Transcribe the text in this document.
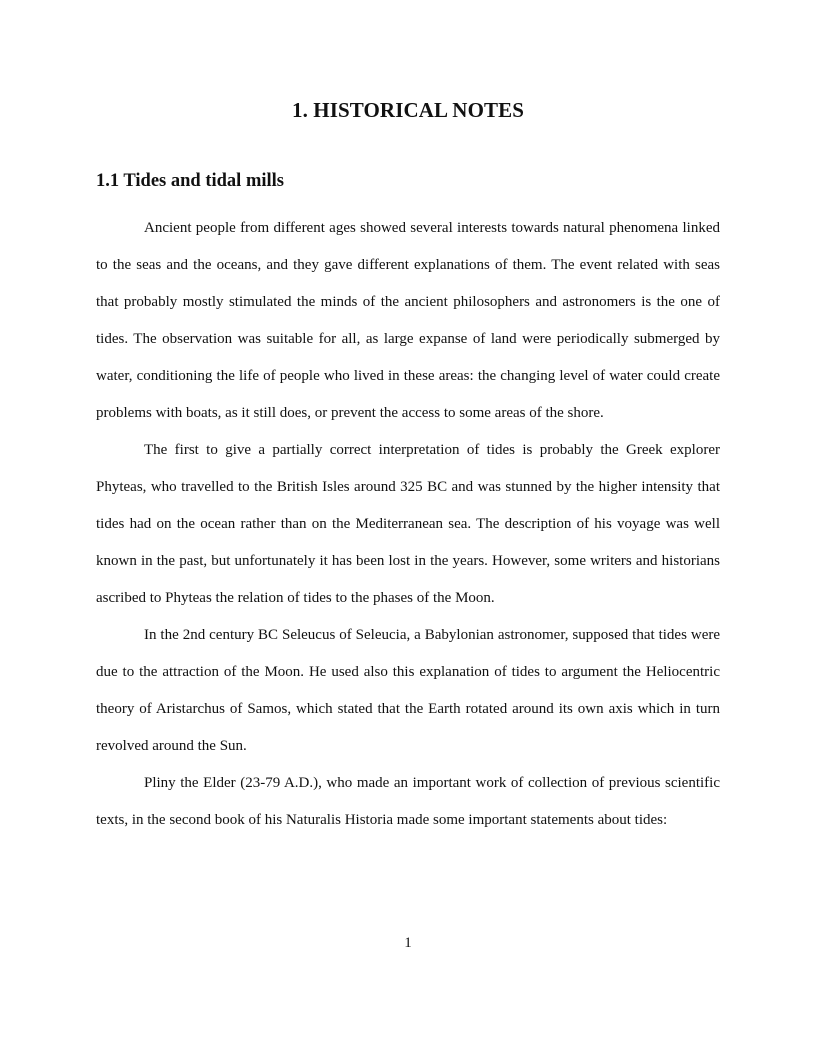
1. HISTORICAL NOTES
1.1 Tides and tidal mills

Ancient people from different ages showed several interests towards natural phenomena linked to the seas and the oceans, and they gave different explanations of them. The event related with seas that probably mostly stimulated the minds of the ancient philosophers and astronomers is the one of tides. The observation was suitable for all, as large expanse of land were periodically submerged by water, conditioning the life of people who lived in these areas: the changing level of water could create problems with boats, as it still does, or prevent the access to some areas of the shore.

The first to give a partially correct interpretation of tides is probably the Greek explorer Phyteas, who travelled to the British Isles around 325 BC and was stunned by the higher intensity that tides had on the ocean rather than on the Mediterranean sea. The description of his voyage was well known in the past, but unfortunately it has been lost in the years. However, some writers and historians ascribed to Phyteas the relation of tides to the phases of the Moon.

In the 2nd century BC Seleucus of Seleucia, a Babylonian astronomer, supposed that tides were due to the attraction of the Moon. He used also this explanation of tides to argument the Heliocentric theory of Aristarchus of Samos, which stated that the Earth rotated around its own axis which in turn revolved around the Sun.

Pliny the Elder (23-79 A.D.), who made an important work of collection of previous scientific texts, in the second book of his Naturalis Historia made some important statements about tides:

1
